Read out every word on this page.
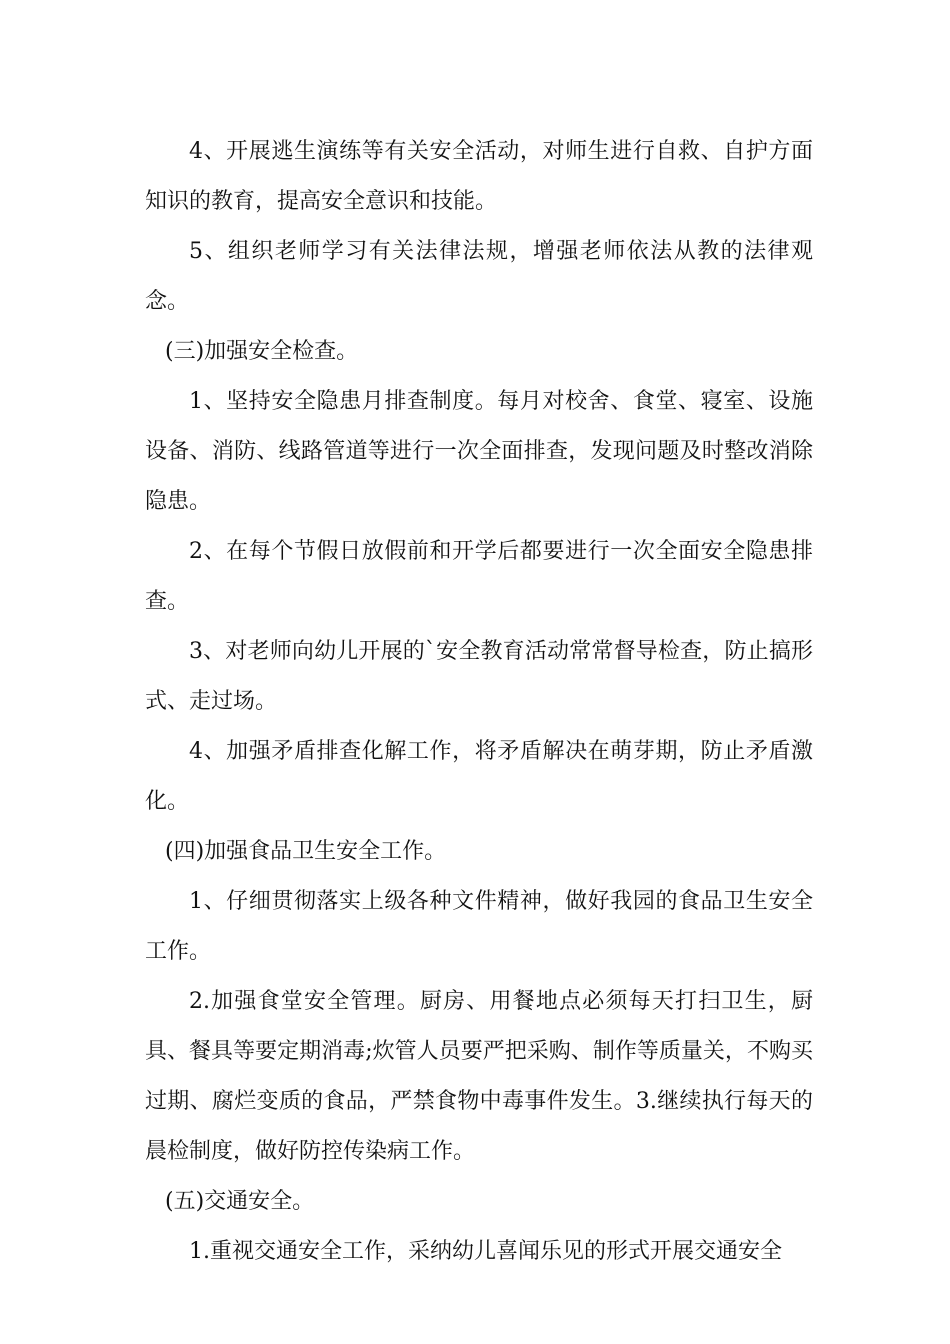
4、开展逃生演练等有关安全活动，对师生进行自救、自护方面知识的教育，提高安全意识和技能。

5、组织老师学习有关法律法规，增强老师依法从教的法律观念。

(三)加强安全检查。

1、坚持安全隐患月排查制度。每月对校舍、食堂、寝室、设施设备、消防、线路管道等进行一次全面排查，发现问题及时整改消除隐患。

2、在每个节假日放假前和开学后都要进行一次全面安全隐患排查。

3、对老师向幼儿开展的`安全教育活动常常督导检查，防止搞形式、走过场。

4、加强矛盾排查化解工作，将矛盾解决在萌芽期，防止矛盾激化。

(四)加强食品卫生安全工作。

1、仔细贯彻落实上级各种文件精神，做好我园的食品卫生安全工作。

2.加强食堂安全管理。厨房、用餐地点必须每天打扫卫生，厨具、餐具等要定期消毒;炊管人员要严把采购、制作等质量关，不购买过期、腐烂变质的食品，严禁食物中毒事件发生。3.继续执行每天的晨检制度，做好防控传染病工作。

(五)交通安全。

1.重视交通安全工作，采纳幼儿喜闻乐见的形式开展交通安全
